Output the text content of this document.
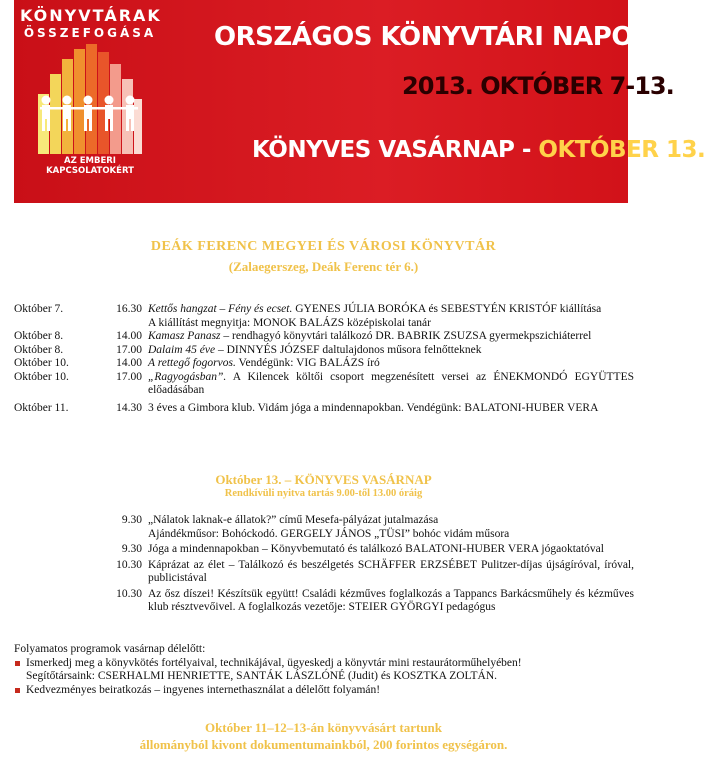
KÖNYVTÁRAK
ÖSSZEFOGÁSA
AZ EMBERI KAPCSOLATOKÉRT
ORSZÁGOS KÖNYVTÁRI NAPOK
2013. OKTÓBER 7-13.
KÖNYVES VASÁRNAP - OKTÓBER 13.
DEÁK FERENC MEGYEI ÉS VÁROSI KÖNYVTÁR
(Zalaegerszeg, Deák Ferenc tér 6.)
Október 7.	16.30 Kettős hangzat – Fény és ecset. GYENES JÚLIA BORÓKA és SEBESTYÉN KRISTÓF kiállítása
A kiállítást megnyitja: MONOK BALÁZS középiskolai tanár
Október 8.	14.00 Kamasz Panasz – rendhagyó könyvtári találkozó DR. BABRIK ZSUZSA gyermekpszichiáterrel
Október 8.	17.00 Dalaim 45 éve – DINNYÉS JÓZSEF daltulajdonos műsora felnőtteknek
Október 10.	14.00 A rettegő fogorvos. Vendégünk: VIG BALÁZS író
Október 10.	17.00 „Ragyogásban”. A Kilencek költői csoport megzenésített versei az ÉNEKMONDÓ EGYÜTTES előadásában
Október 11.	14.30 3 éves a Gimbora klub. Vidám jóga a mindennapokban. Vendégünk: BALATONI-HUBER VERA
Október 13. – KÖNYVES VASÁRNAP
Rendkívüli nyitva tartás 9.00-től 13.00 óráig
9.30 „Nálatok laknak-e állatok?” című Mesefa-pályázat jutalmazása
Ajándékműsor: Bohóckodó. GERGELY JÁNOS „TÜSI” bohóc vidám műsora
9.30 Jóga a mindennapokban – Könyvbemutató és találkozó BALATONI-HUBER VERA jógaoktatóval
10.30 Káprázat az élet – Találkozó és beszélgetés SCHÄFFER ERZSÉBET Pulitzer-díjas újságíróval, íróval, publicistával
10.30 Az ősz díszei! Készítsük együtt! Családi kézműves foglalkozás a Tappancs Barkácsműhely és kézműves klub résztvevőivel. A foglalkozás vezetője: STEIER GYÖRGYI pedagógus
Folyamatos programok vasárnap délelőtt:
Ismerkedj meg a könyvkötés fortélyaival, technikájával, ügyeskedj a könyvtár mini restaurátorműhelyében!
Segítőtársaink: CSERHALMI HENRIETTE, SANTÁK LÁSZLÓNÉ (Judit) és KOSZTKA ZOLTÁN.
Kedvezményes beiratkozás – ingyenes internethasználat a délelőtt folyamán!
Október 11–12–13-án könyvvásárt tartunk
állományból kivont dokumentumainkból, 200 forintos egységáron.
